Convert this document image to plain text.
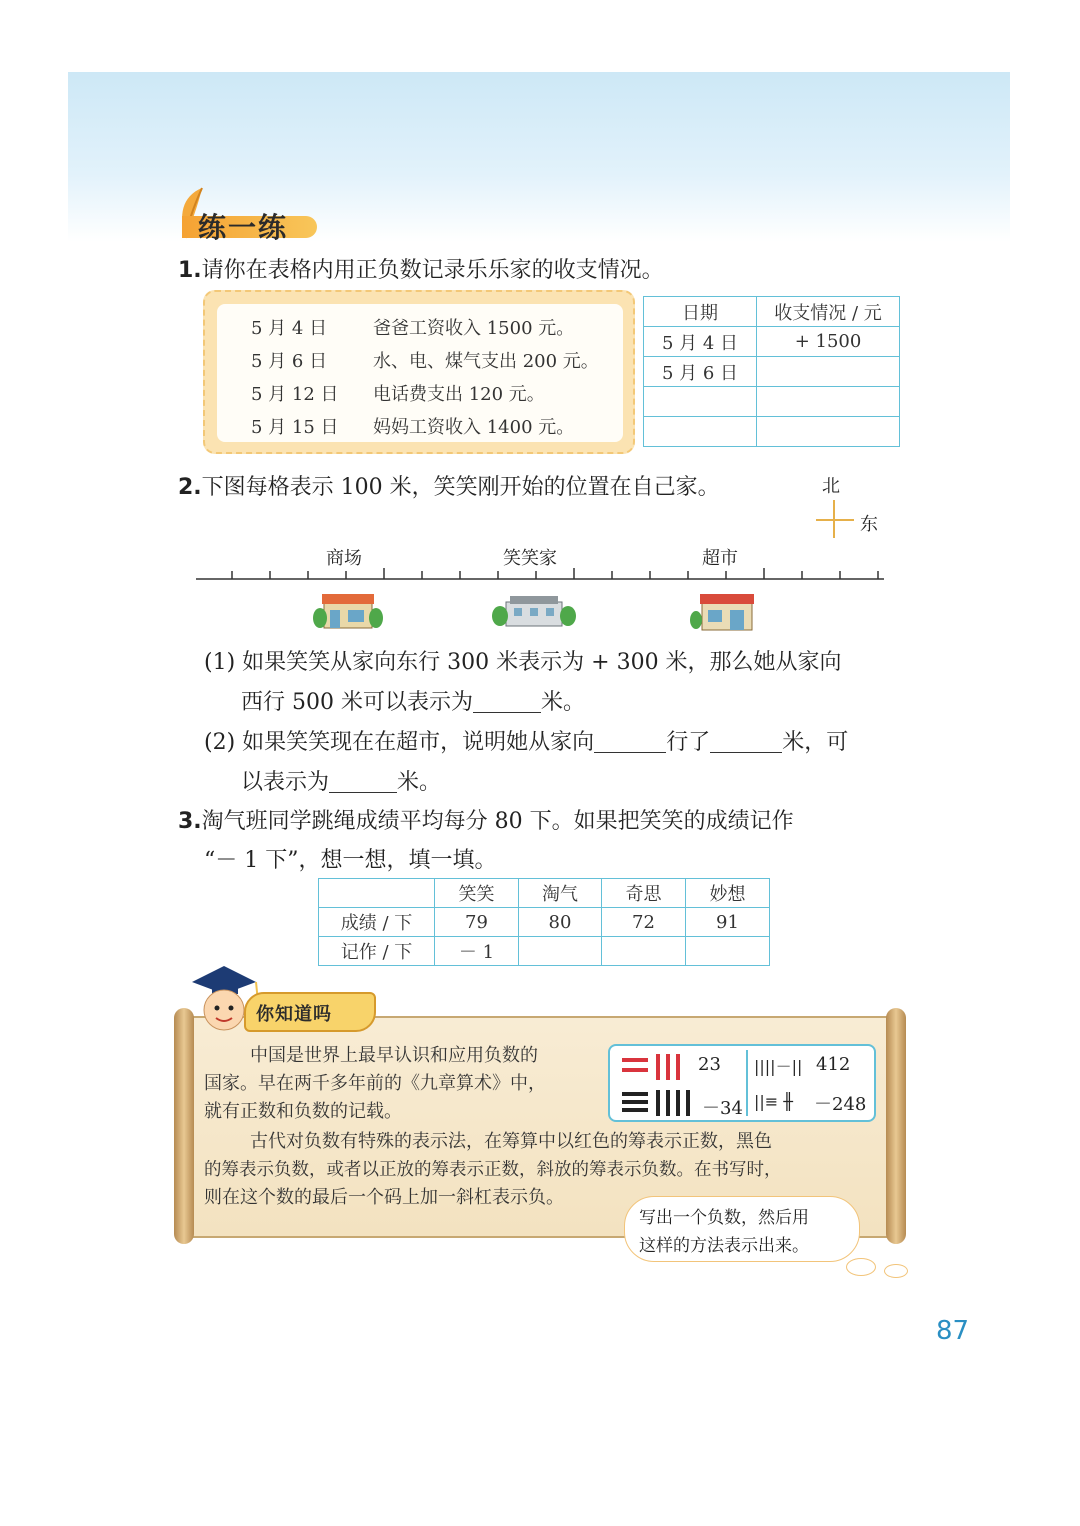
练一练
1.请你在表格内用正负数记录乐乐家的收支情况。
5 月 4 日	爸爸工资收入 1500 元。
5 月 6 日	水、电、煤气支出 200 元。
5 月 12 日 电话费支出 120 元。
5 月 15 日 妈妈工资收入 1400 元。
日期	收支情况 / 元
5 月 4 日	+ 1500
5 月 6 日	

2.下图每格表示 100 米，笑笑刚开始的位置在自己家。	北
东
商场	笑笑家	超市
(1) 如果笑笑从家向东行 300 米表示为 + 300 米，那么她从家向
西行 500 米可以表示为	米。
(2) 如果笑笑现在在超市，说明她从家向	行了	米，可
以表示为	米。
3.淘气班同学跳绳成绩平均每分 80 下。如果把笑笑的成绩记作
“－ 1 下”，想一想，填一填。
	笑笑	淘气	奇思	妙想
成绩 / 下	79	80	72	91
记作 / 下	－ 1			
你知道吗
中国是世界上最早认识和应用负数的
国家。早在两千多年前的《九章算术》中，
就有正数和负数的记载。
古代对负数有特殊的表示法，在筹算中以红色的筹表示正数，黑色
的筹表示负数，或者以正放的筹表示正数，斜放的筹表示负数。在书写时，
则在这个数的最后一个码上加一斜杠表示负。
23
－34
||||－|| 412
||≡ ╫ －248
写出一个负数，然后用
这样的方法表示出来。
87
